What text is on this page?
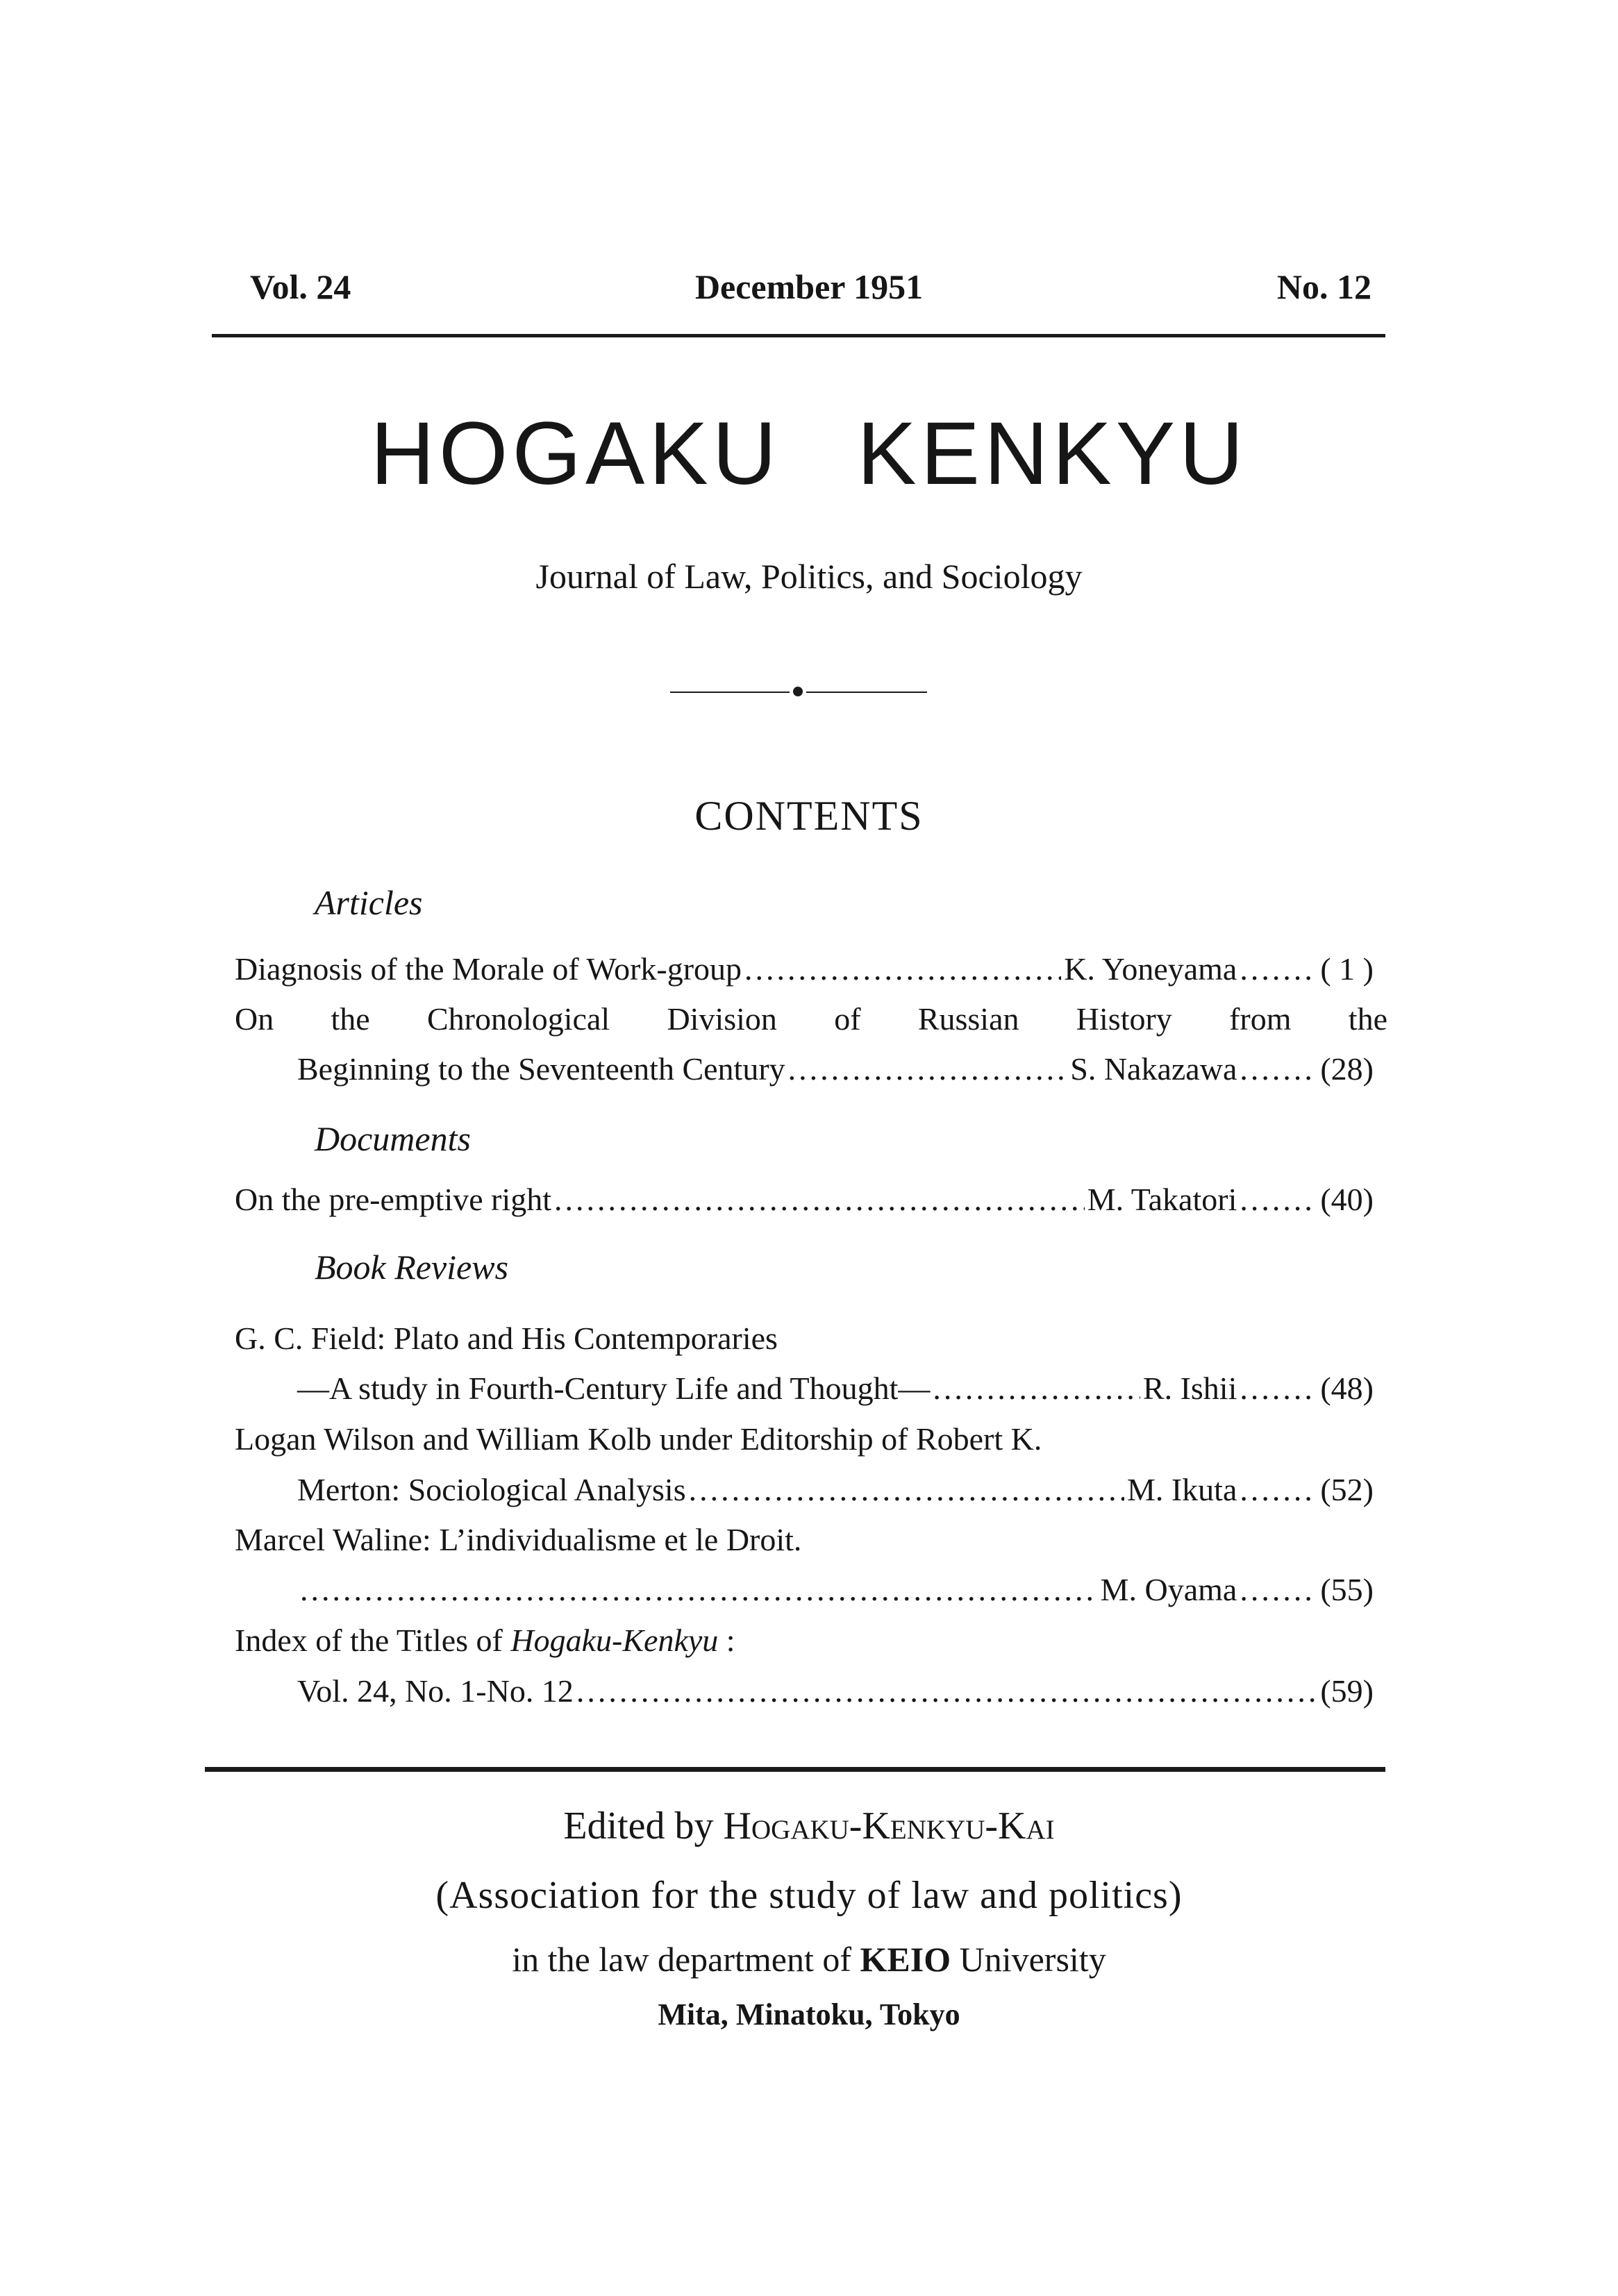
Vol. 24	December 1951	No. 12
HOGAKU KENKYU
Journal of Law, Politics, and Sociology
CONTENTS
Articles
Diagnosis of the Morale of Work-group .....	K. Yoneyama .....	( 1 )
On the Chronological Division of Russian History from the
Beginning to the Seventeenth Century .....	S. Nakazawa .....	(28)
Documents
On the pre-emptive right .....	M. Takatori .....	(40)
Book Reviews
G. C. Field: Plato and His Contemporaries
—A study in Fourth-Century Life and Thought— .....	R. Ishii .....	(48)
Logan Wilson and William Kolb under Editorship of Robert K.
Merton: Sociological Analysis .....	M. Ikuta .....	(52)
Marcel Waline: L’individualisme et le Droit.
.....
M. Oyama .....	(55)
Index of the Titles of Hogaku-Kenkyu :
Vol. 24, No. 1-No. 12 .....	(59)
Edited by Hogaku-Kenkyu-Kai
(Association for the study of law and politics)
in the law department of KEIO University
Mita, Minatoku, Tokyo
